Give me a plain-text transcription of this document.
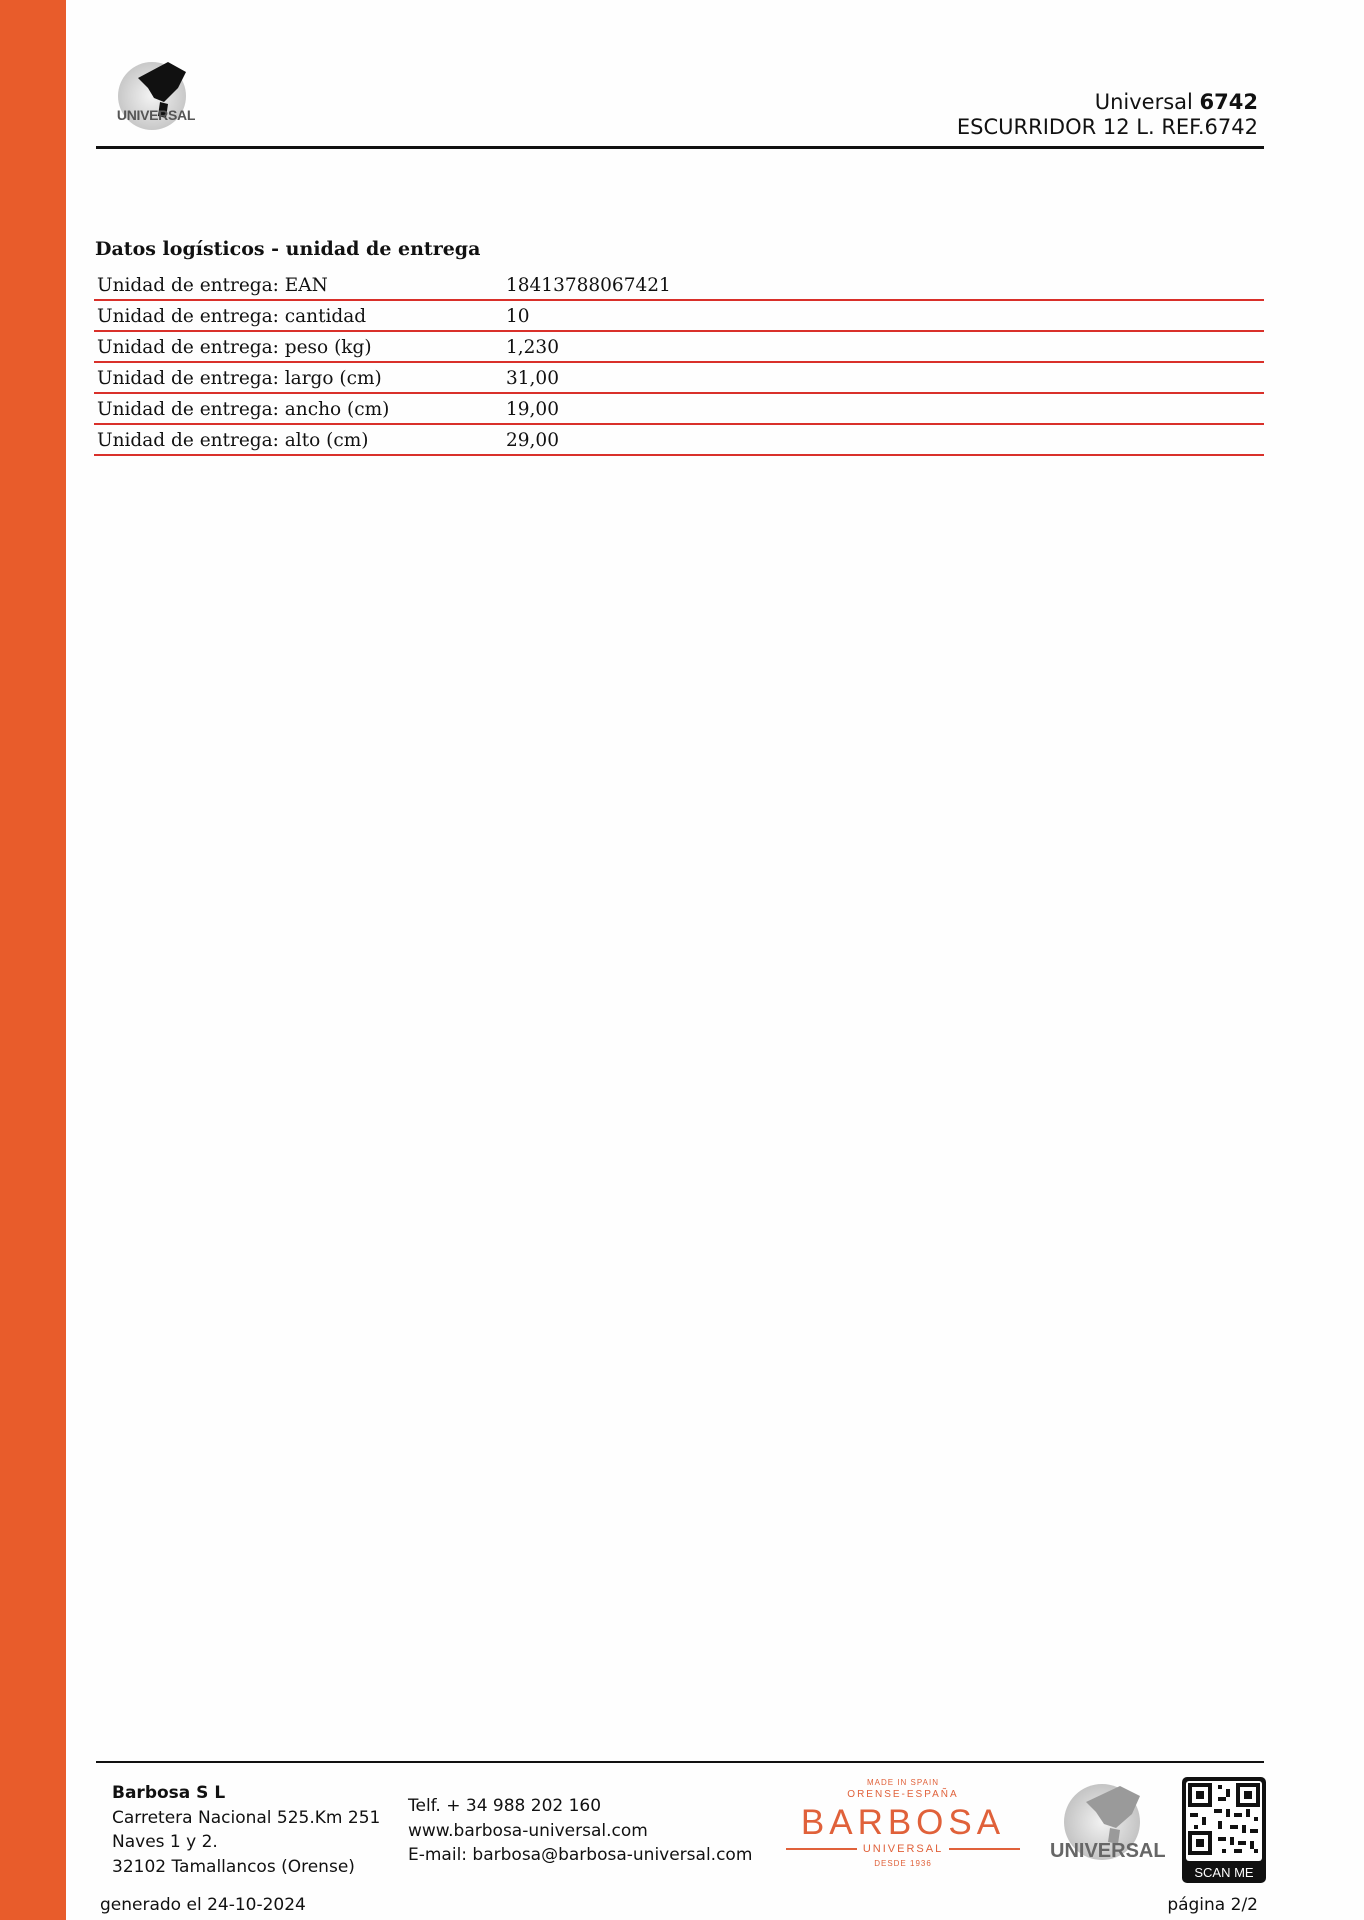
UNIVERSAL
Universal 6742
ESCURRIDOR 12 L. REF.6742
Datos logísticos - unidad de entrega
Unidad de entrega: EAN	18413788067421
Unidad de entrega: cantidad	10
Unidad de entrega: peso (kg)	1,230
Unidad de entrega: largo (cm)	31,00
Unidad de entrega: ancho (cm)	19,00
Unidad de entrega: alto (cm)	29,00
Barbosa S L
Carretera Nacional 525.Km 251
Naves 1 y 2.
32102 Tamallancos (Orense)
Telf. + 34 988 202 160
www.barbosa-universal.com
E-mail: barbosa@barbosa-universal.com
MADE IN SPAIN
ORENSE-ESPAÑA
BARBOSA
UNIVERSAL
DESDE 1936
UNIVERSAL
SCAN ME
generado el 24-10-2024	página 2/2
